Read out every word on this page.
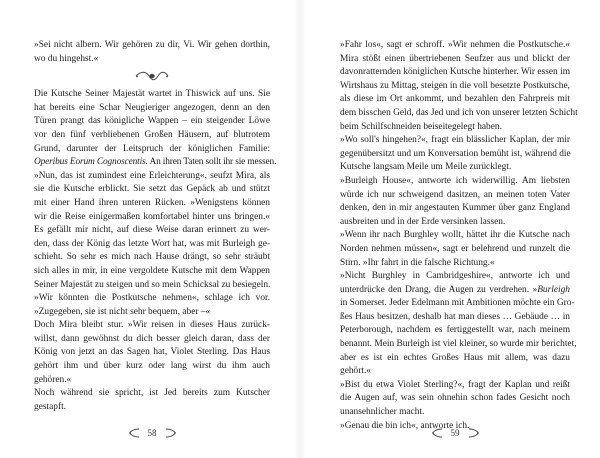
»Sei nicht albern. Wir gehören zu dir, Vi. Wir gehen dorthin,
wo du hingehst.«
Die Kutsche Seiner Majestät wartet in Thiswick auf uns. Sie
hat bereits eine Schar Neugieriger angezogen, denn an den
Türen prangt das königliche Wappen – ein steigender Löwe
vor den fünf verbliebenen Großen Häusern, auf blutrotem
Grund, darunter der Leitspruch der königlichen Familie:
Operibus Eorum Cognoscentis. An ihren Taten sollt ihr sie messen.
»Nun, das ist zumindest eine Erleichterung«, seufzt Mira, als
sie die Kutsche erblickt. Sie setzt das Gepäck ab und stützt
mit einer Hand ihren unteren Rücken. »Wenigstens können
wir die Reise einigermaßen komfortabel hinter uns bringen.«
Es gefällt mir nicht, auf diese Weise daran erinnert zu wer-
den, dass der König das letzte Wort hat, was mit Burleigh ge-
schieht. So sehr es mich nach Hause drängt, so sehr sträubt
sich alles in mir, in eine vergoldete Kutsche mit dem Wappen
Seiner Majestät zu steigen und so mein Schicksal zu besiegeln.
»Wir könnten die Postkutsche nehmen«, schlage ich vor.
»Zugegeben, sie ist nicht sehr bequem, aber –«
Doch Mira bleibt stur. »Wir reisen in dieses Haus zurück-
willst, dann gewöhnst du dich besser gleich daran, dass der
König von jetzt an das Sagen hat, Violet Sterling. Das Haus
gehört ihm und über kurz oder lang wirst du ihm auch
gehören.«
Noch während sie spricht, ist Jed bereits zum Kutscher
gestapft.
58
»Fahr los«, sagt er schroff. »Wir nehmen die Postkutsche.«
Mira stößt einen übertriebenen Seufzer aus und blickt der
davonratternden königlichen Kutsche hinterher. Wir essen im
Wirtshaus zu Mittag, steigen in die voll besetzte Postkutsche,
als diese im Ort ankommt, und bezahlen den Fahrpreis mit
dem bisschen Geld, das Jed und ich von unserer letzten Schicht
beim Schilfschneiden beiseitegelegt haben.
»Wo soll's hingehen?«, fragt ein blässlicher Kaplan, der mir
gegenübersitzt und um Konversation bemüht ist, während die
Kutsche langsam Meile um Meile zurücklegt.
»Burleigh House«, antworte ich widerwillig. Am liebsten
würde ich nur schweigend dasitzen, an meinen toten Vater
denken, den in mir angestauten Kummer über ganz England
ausbreiten und in der Erde versinken lassen.
»Wenn ihr nach Burghley wollt, hättet ihr die Kutsche nach
Norden nehmen müssen«, sagt er belehrend und runzelt die
Stirn. »Ihr fahrt in die falsche Richtung.«
»Nicht Burghley in Cambridgeshire«, antworte ich und
unterdrücke den Drang, die Augen zu verdrehen. »Burleigh
in Somerset. Jeder Edelmann mit Ambitionen möchte ein Gro-
ßes Haus besitzen, deshalb hat man dieses … Gebäude … in
Peterborough, nachdem es fertiggestellt war, nach meinem
benannt. Mein Burleigh ist viel kleiner, so wurde mir berichtet,
aber es ist ein echtes Großes Haus mit allem, was dazu
gehört.«
»Bist du etwa Violet Sterling?«, fragt der Kaplan und reißt
die Augen auf, was sein ohnehin schon fades Gesicht noch
unansehnlicher macht.
»Genau die bin ich«, antworte ich.
59
